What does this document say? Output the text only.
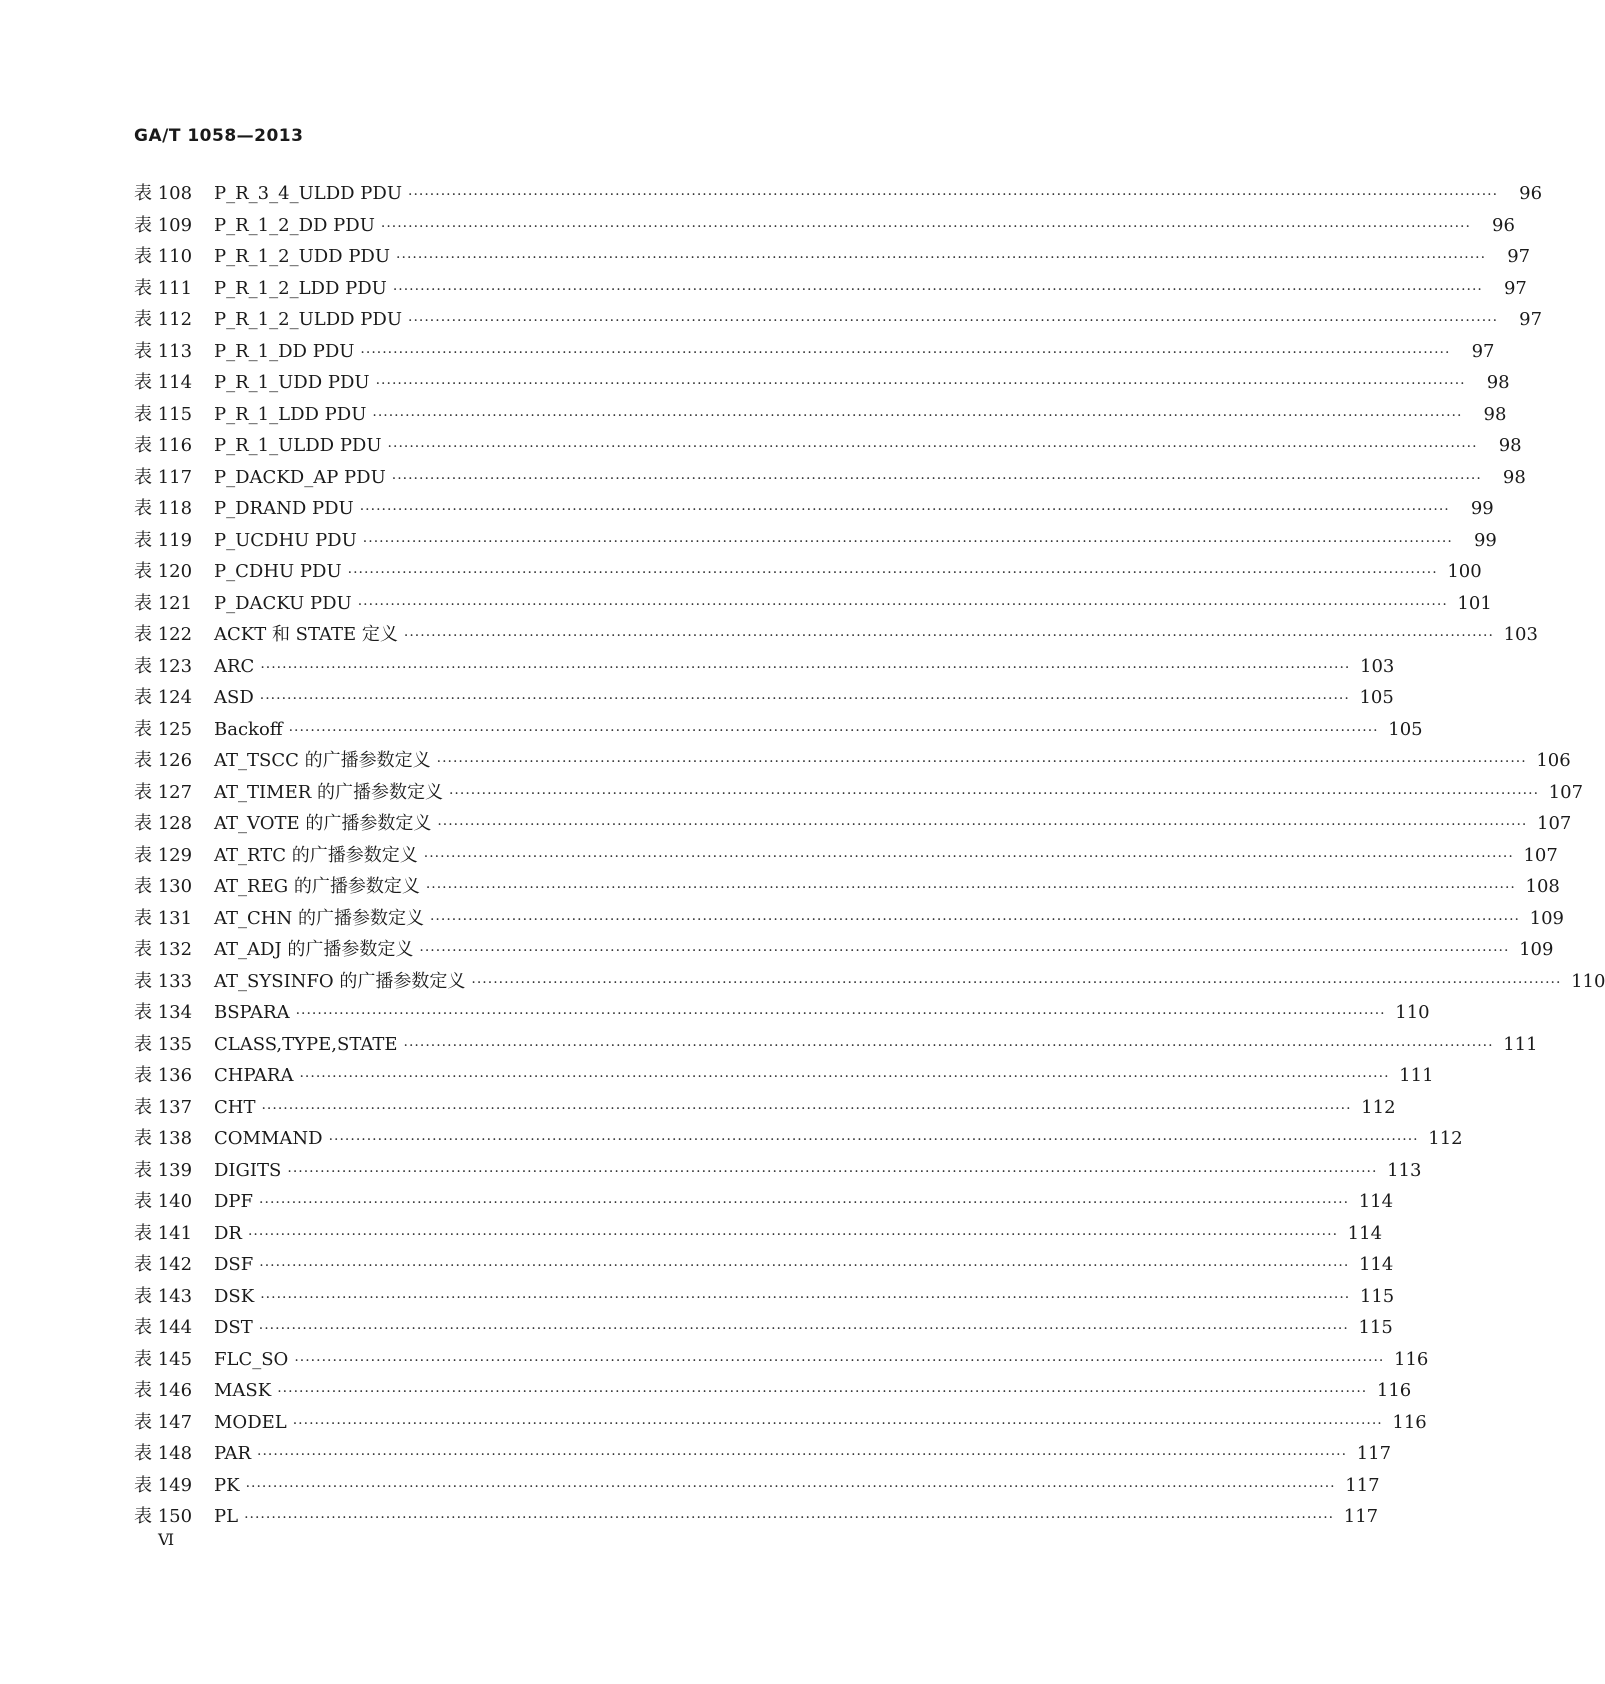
GA/T 1058—2013
表 108	P_R_3_4_ULDD PDU ········································································································································································································	96
表 109	P_R_1_2_DD PDU ········································································································································································································	96
表 110	P_R_1_2_UDD PDU ········································································································································································································	97
表 111	P_R_1_2_LDD PDU ········································································································································································································	97
表 112	P_R_1_2_ULDD PDU ········································································································································································································	97
表 113	P_R_1_DD PDU ········································································································································································································	97
表 114	P_R_1_UDD PDU ········································································································································································································	98
表 115	P_R_1_LDD PDU ········································································································································································································	98
表 116	P_R_1_ULDD PDU ········································································································································································································	98
表 117	P_DACKD_AP PDU ········································································································································································································	98
表 118	P_DRAND PDU ········································································································································································································	99
表 119	P_UCDHU PDU ········································································································································································································	99
表 120	P_CDHU PDU ········································································································································································································ 100
表 121	P_DACKU PDU ········································································································································································································ 101
表 122	ACKT 和 STATE 定义 ········································································································································································································ 103
表 123	ARC ········································································································································································································ 103
表 124	ASD ········································································································································································································ 105
表 125	Backoff ········································································································································································································ 105
表 126	AT_TSCC 的广播参数定义 ········································································································································································································ 106
表 127	AT_TIMER 的广播参数定义 ········································································································································································································ 107
表 128	AT_VOTE 的广播参数定义 ········································································································································································································ 107
表 129	AT_RTC 的广播参数定义 ········································································································································································································ 107
表 130	AT_REG 的广播参数定义 ········································································································································································································ 108
表 131	AT_CHN 的广播参数定义 ········································································································································································································ 109
表 132	AT_ADJ 的广播参数定义 ········································································································································································································ 109
表 133	AT_SYSINFO 的广播参数定义 ········································································································································································································ 110
表 134	BSPARA ········································································································································································································ 110
表 135	CLASS,TYPE,STATE ········································································································································································································ 111
表 136	CHPARA ········································································································································································································ 111
表 137	CHT ········································································································································································································ 112
表 138	COMMAND ········································································································································································································ 112
表 139	DIGITS ········································································································································································································ 113
表 140	DPF ········································································································································································································ 114
表 141	DR ········································································································································································································ 114
表 142	DSF ········································································································································································································ 114
表 143	DSK ········································································································································································································ 115
表 144	DST ········································································································································································································ 115
表 145	FLC_SO ········································································································································································································ 116
表 146	MASK ········································································································································································································ 116
表 147	MODEL ········································································································································································································ 116
表 148	PAR ········································································································································································································ 117
表 149	PK ········································································································································································································ 117
表 150	PL ········································································································································································································ 117
Ⅵ
